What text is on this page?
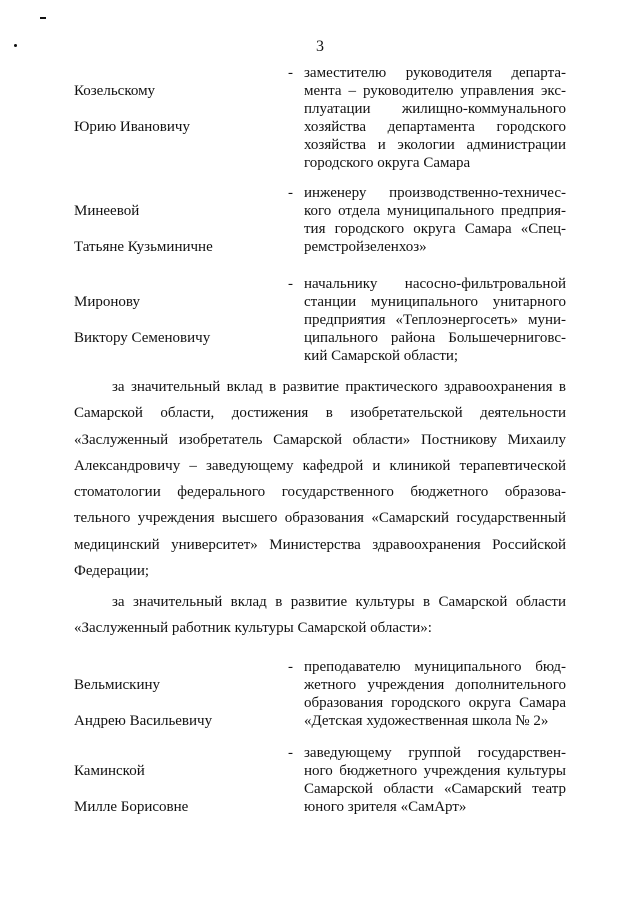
3

Козельскому

Юрию Ивановичу

- заместителю руководителя департа-
мента – руководителю управления экс-
плуатации жилищно-коммунального
хозяйства департамента городского
хозяйства и экологии администрации
городского округа Самара

Минеевой

Татьяне Кузьминичне

- инженеру производственно-техничес-
кого отдела муниципального предприя-
тия городского округа Самара «Спец-
ремстройзеленхоз»

Миронову

Виктору Семеновичу

- начальнику насосно-фильтровальной
станции муниципального унитарного
предприятия «Теплоэнергосеть» муни-
ципального района Большечерниговс-
кий Самарской области;
за значительный вклад в развитие практического здравоохранения в
Самарской области, достижения в изобретательской деятельности
«Заслуженный изобретатель Самарской области» Постникову Михаилу
Александровичу – заведующему кафедрой и клиникой терапевтической
стоматологии федерального государственного бюджетного образова-
тельного учреждения высшего образования «Самарский государственный
медицинский университет» Министерства здравоохранения Российской
Федерации;
за значительный вклад в развитие культуры в Самарской области
«Заслуженный работник культуры Самарской области»:

Вельмискину

Андрею Васильевичу

- преподавателю муниципального бюд-
жетного учреждения дополнительного
образования городского округа Самара
«Детская художественная школа № 2»

Каминской

Милле Борисовне

- заведующему группой государствен-
ного бюджетного учреждения культуры
Самарской области «Самарский театр
юного зрителя «СамАрт»
